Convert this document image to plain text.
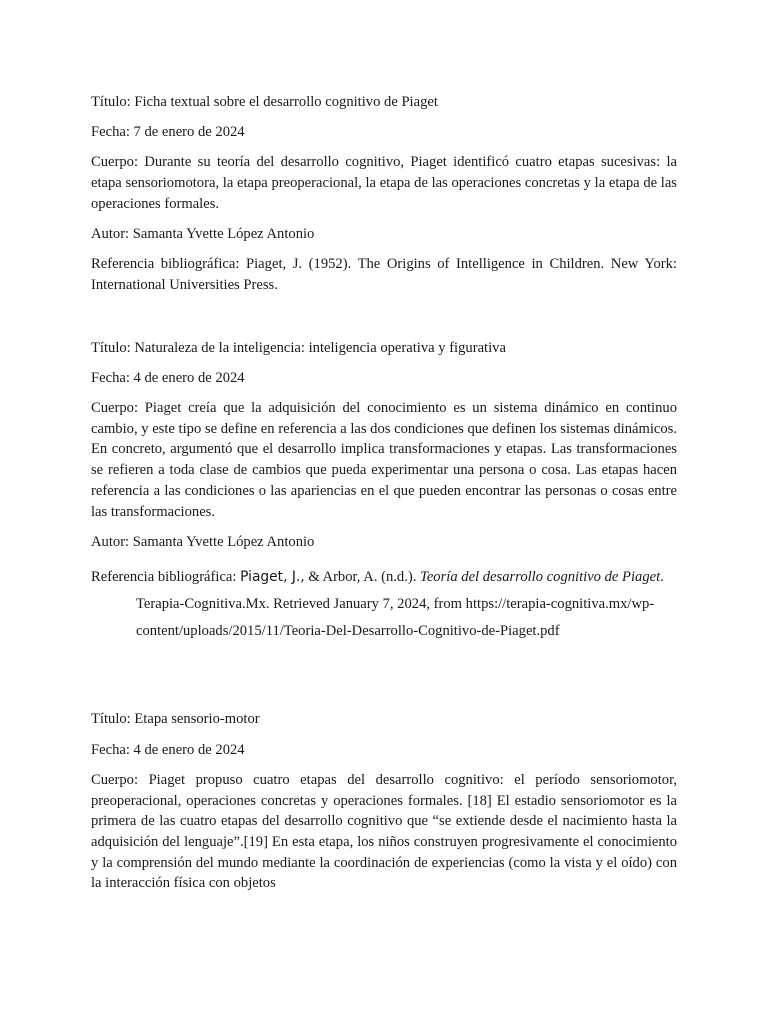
Título: Ficha textual sobre el desarrollo cognitivo de Piaget

Fecha: 7 de enero de 2024

Cuerpo: Durante su teoría del desarrollo cognitivo, Piaget identificó cuatro etapas sucesivas: la etapa sensoriomotora, la etapa preoperacional, la etapa de las operaciones concretas y la etapa de las operaciones formales.

Autor: Samanta Yvette López Antonio

Referencia bibliográfica: Piaget, J. (1952). The Origins of Intelligence in Children. New York: International Universities Press.

Título: Naturaleza de la inteligencia: inteligencia operativa y figurativa

Fecha: 4 de enero de 2024

Cuerpo: Piaget creía que la adquisición del conocimiento es un sistema dinámico en continuo cambio, y este tipo se define en referencia a las dos condiciones que definen los sistemas dinámicos. En concreto, argumentó que el desarrollo implica transformaciones y etapas. Las transformaciones se refieren a toda clase de cambios que pueda experimentar una persona o cosa. Las etapas hacen referencia a las condiciones o las apariencias en el que pueden encontrar las personas o cosas entre las transformaciones.

Autor: Samanta Yvette López Antonio

Referencia bibliográfica: Piaget, J., & Arbor, A. (n.d.). Teoría del desarrollo cognitivo de Piaget. Terapia-Cognitiva.Mx. Retrieved January 7, 2024, from https://terapia-cognitiva.mx/wp-content/uploads/2015/11/Teoria-Del-Desarrollo-Cognitivo-de-Piaget.pdf

Título: Etapa sensorio-motor

Fecha: 4 de enero de 2024

Cuerpo: Piaget propuso cuatro etapas del desarrollo cognitivo: el período sensoriomotor, preoperacional, operaciones concretas y operaciones formales. [18] El estadio sensoriomotor es la primera de las cuatro etapas del desarrollo cognitivo que “se extiende desde el nacimiento hasta la adquisición del lenguaje”.[19] En esta etapa, los niños construyen progresivamente el conocimiento y la comprensión del mundo mediante la coordinación de experiencias (como la vista y el oído) con la interacción física con objetos
